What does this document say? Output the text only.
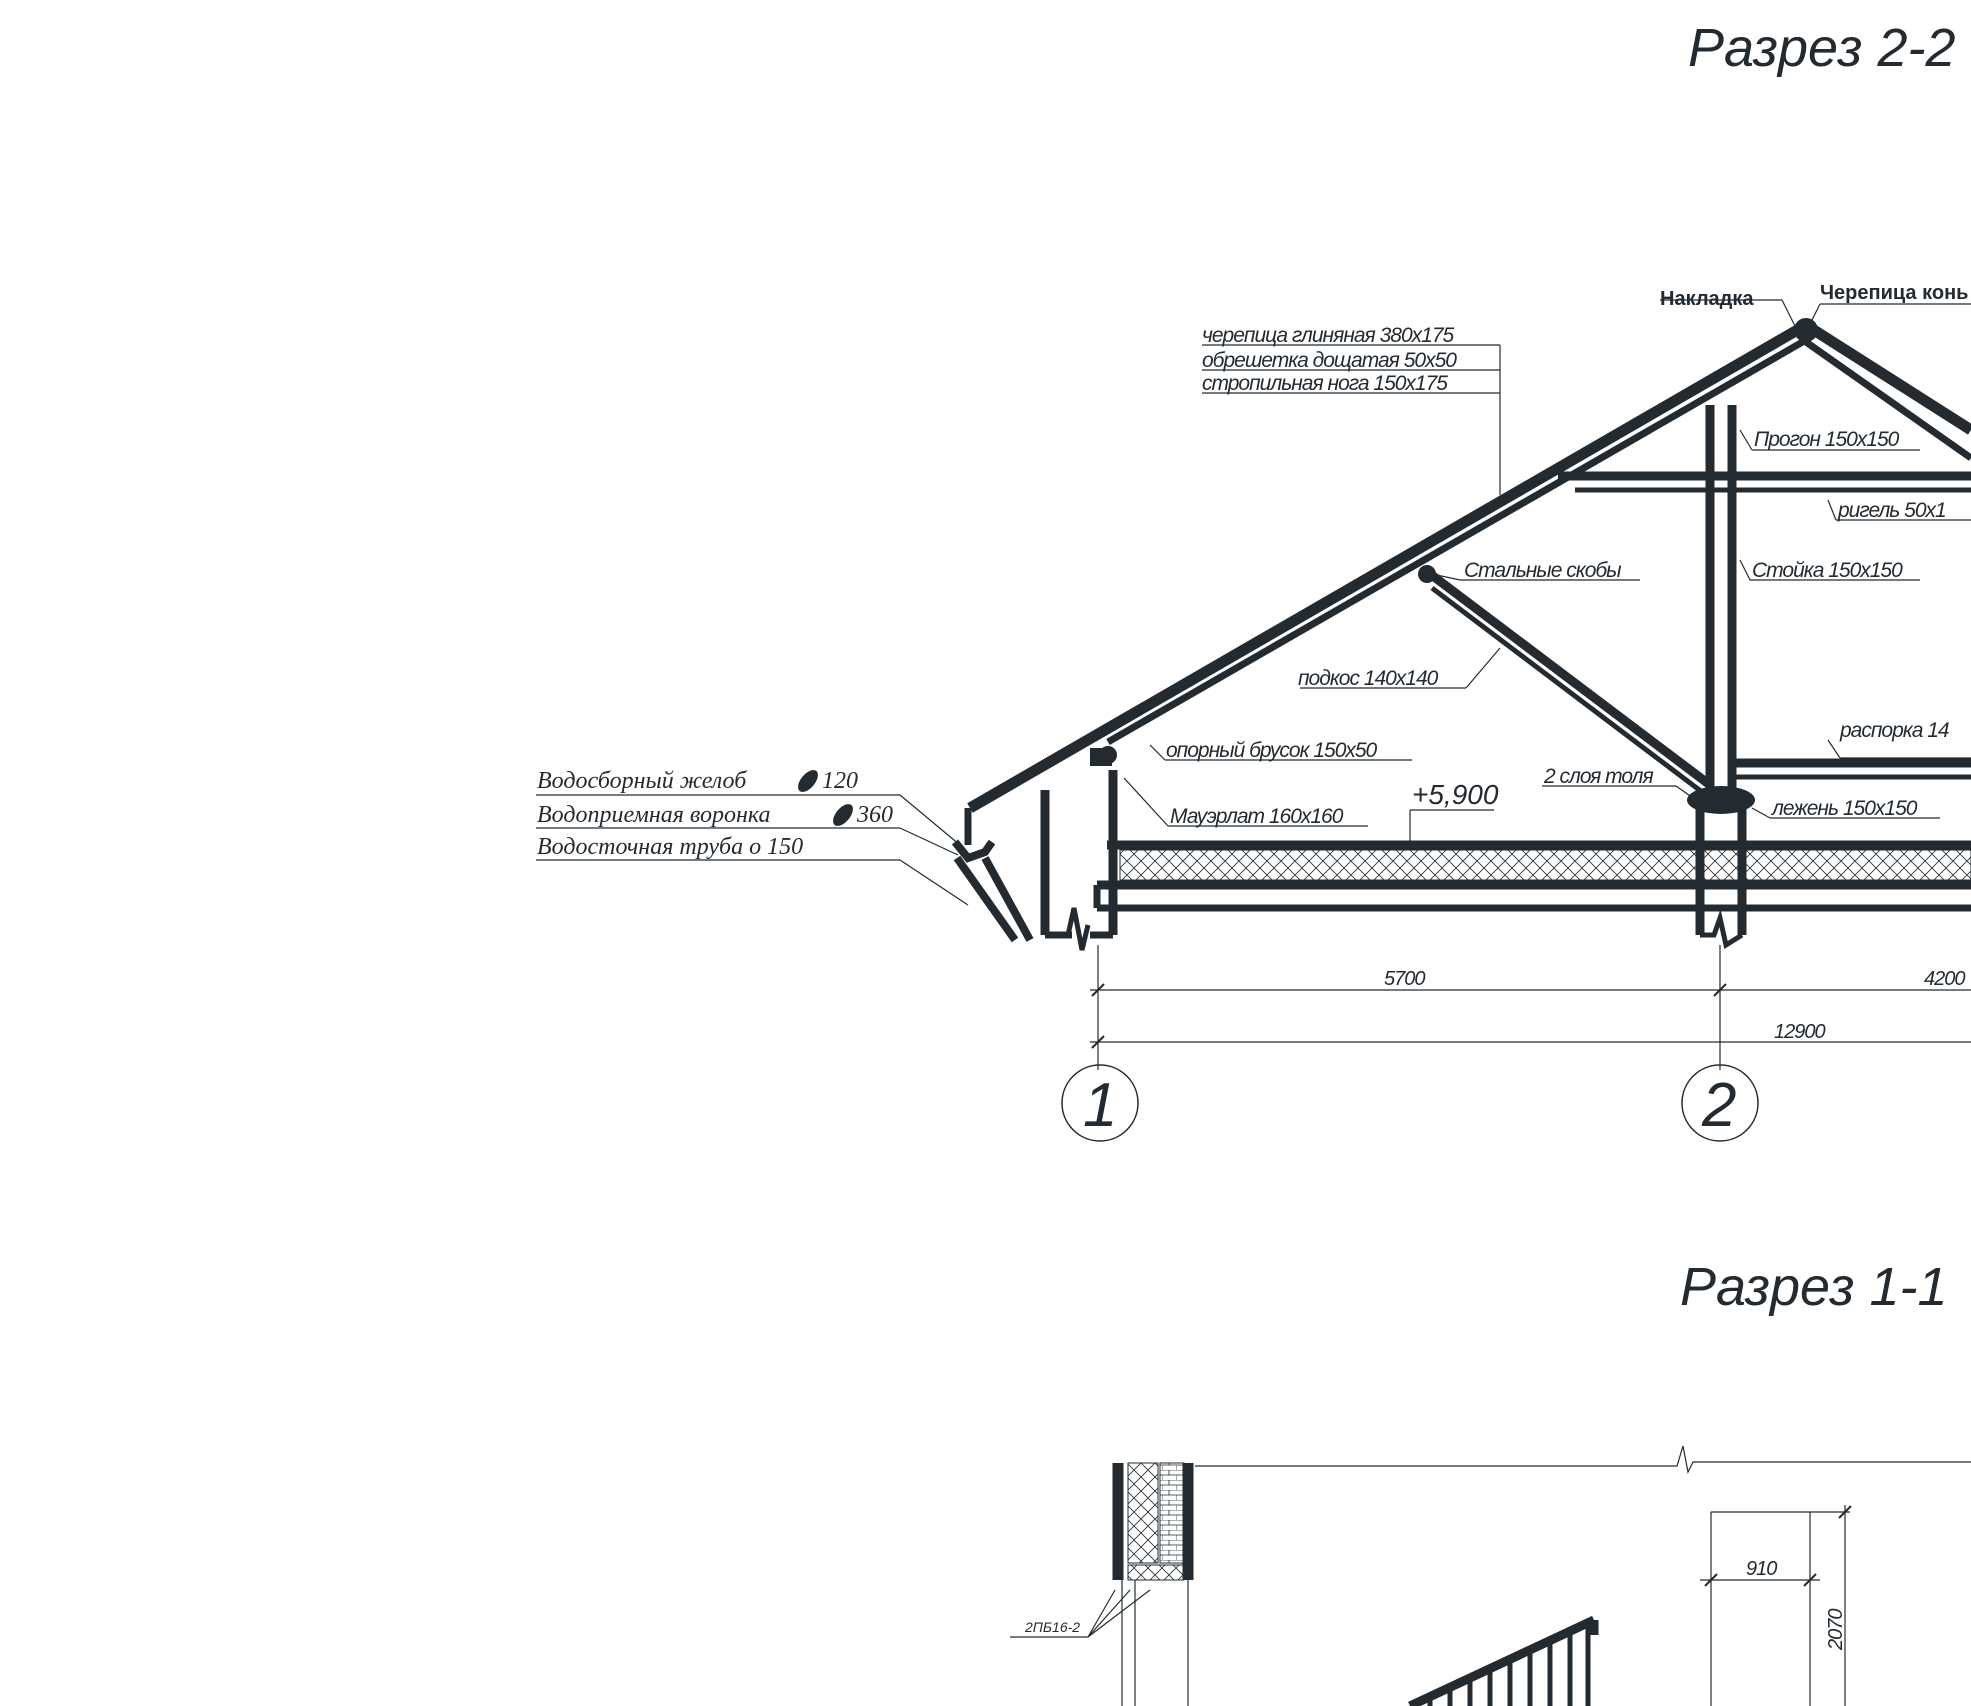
Разрез 2-2
Разрез 1-1
Накладка	Черепица конь
черепица глиняная 380х175
обрешетка дощатая 50х50
стропильная нога 150х175
Прогон 150х150
ригель 50х1
Стальные скобы	Стойка 150х150
подкос 140х140
распорка 14
опорный брусок 150х50
Мауэрлат 160х160
+5,900
2 слоя толя
лежень 150х150
Водосборный желоб	120
Водоприемная воронка	360
Водосточная труба о 150
5700	4200
12900
1	2
2ПБ16-2
910
2070
